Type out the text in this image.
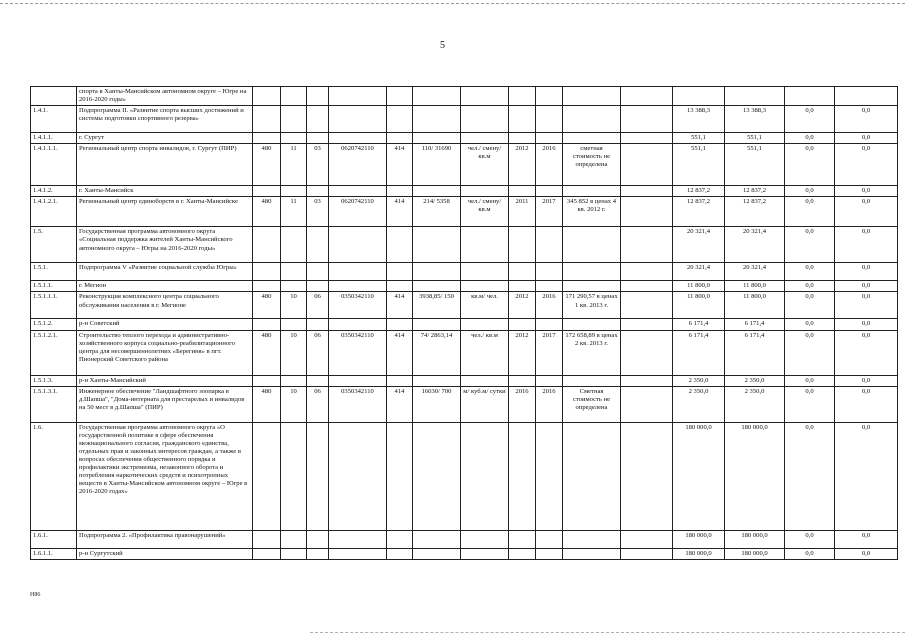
5
	спорта в Ханты-Мансийском автономном округе – Югре на 2016-2020 годы»															
1.4.1.	Подпрограмма II. «Развитие спорта высших достижений и системы подготовки спортивного резерва»												13 388,3	13 388,3	0,0	0,0
1.4.1.1.	г. Сургут												551,1	551,1	0,0	0,0
1.4.1.1.1.	Региональный центр спорта инвалидов, г. Сургут (ПИР)	480	11	03	0620742110	414	110/ 31690	чел./ смену/ кв.м	2012	2016	сметная стоимость не определена		551,1	551,1	0,0	0,0
1.4.1.2.	г. Ханты-Мансийск												12 837,2	12 837,2	0,0	0,0
1.4.1.2.1.	Региональный центр единоборств в г. Ханты-Мансийске	480	11	03	0620742110	414	214/ 5358	чел./ смену/ кв.м	2011	2017	345 852 в ценах 4 кв. 2012 г.		12 837,2	12 837,2	0,0	0,0
1.5.	Государственная программа автономного округа «Социальная поддержка жителей Ханты-Мансийского автономного округа – Югры на 2016-2020 годы»												20 321,4	20 321,4	0,0	0,0
1.5.1.	Подпрограмма V «Развитие социальной службы Югры»												20 321,4	20 321,4	0,0	0,0
1.5.1.1.	г. Мегион												11 800,0	11 800,0	0,0	0,0
1.5.1.1.1.	Реконструкция комплексного центра социального обслуживания населения в г. Мегионе	480	10	06	0350342110	414	3938,85/ 150	кв.м/ чел.	2012	2016	171 290,57 в ценах 1 кв. 2013 г.		11 800,0	11 800,0	0,0	0,0
1.5.1.2.	р-н Советский												6 171,4	6 171,4	0,0	0,0
1.5.1.2.1.	Строительство теплого перехода и административно-хозяйственного корпуса социально-реабилитационного центра для несовершеннолетних «Берегиня» в пгт. Пионерский Советского района	480	10	06	0350342110	414	74/ 2863,14	чел./ кв.м	2012	2017	172 658,89 в ценах 2 кв. 2013 г.		6 171,4	6 171,4	0,0	0,0
1.5.1.3.	р-н Ханты-Мансийский												2 350,0	2 350,0	0,0	0,0
1.5.1.3.1.	Инженерное обеспечение "Ландшафтного зоопарка в д.Шапша", "Дома-интерната для престарелых и инвалидов на 50 мест в д.Шапша" (ПИР)	480	10	06	0350342110	414	16030/ 700	м/ куб.м/ сутки	2016	2016	Сметная стоимость не определена		2 350,0	2 350,0	0,0	0,0
1.6.	Государственная программа автономного округа «О государственной политике в сфере обеспечения межнационального согласия, гражданского единства, отдельных прав и законных интересов граждан, а также в вопросах обеспечения общественного порядка и профилактики экстремизма, незаконного оборота и потребления наркотических средств и психотропных веществ в Ханты-Мансийском автономном округе – Югре в 2016-2020 годах»												180 000,0	180 000,0	0,0	0,0
1.6.1.	Подпрограмма 2. «Профилактика правонарушений»												180 000,0	180 000,0	0,0	0,0
1.6.1.1.	р-н Сургутский												180 000,0	180 000,0	0,0	0,0
Н86
